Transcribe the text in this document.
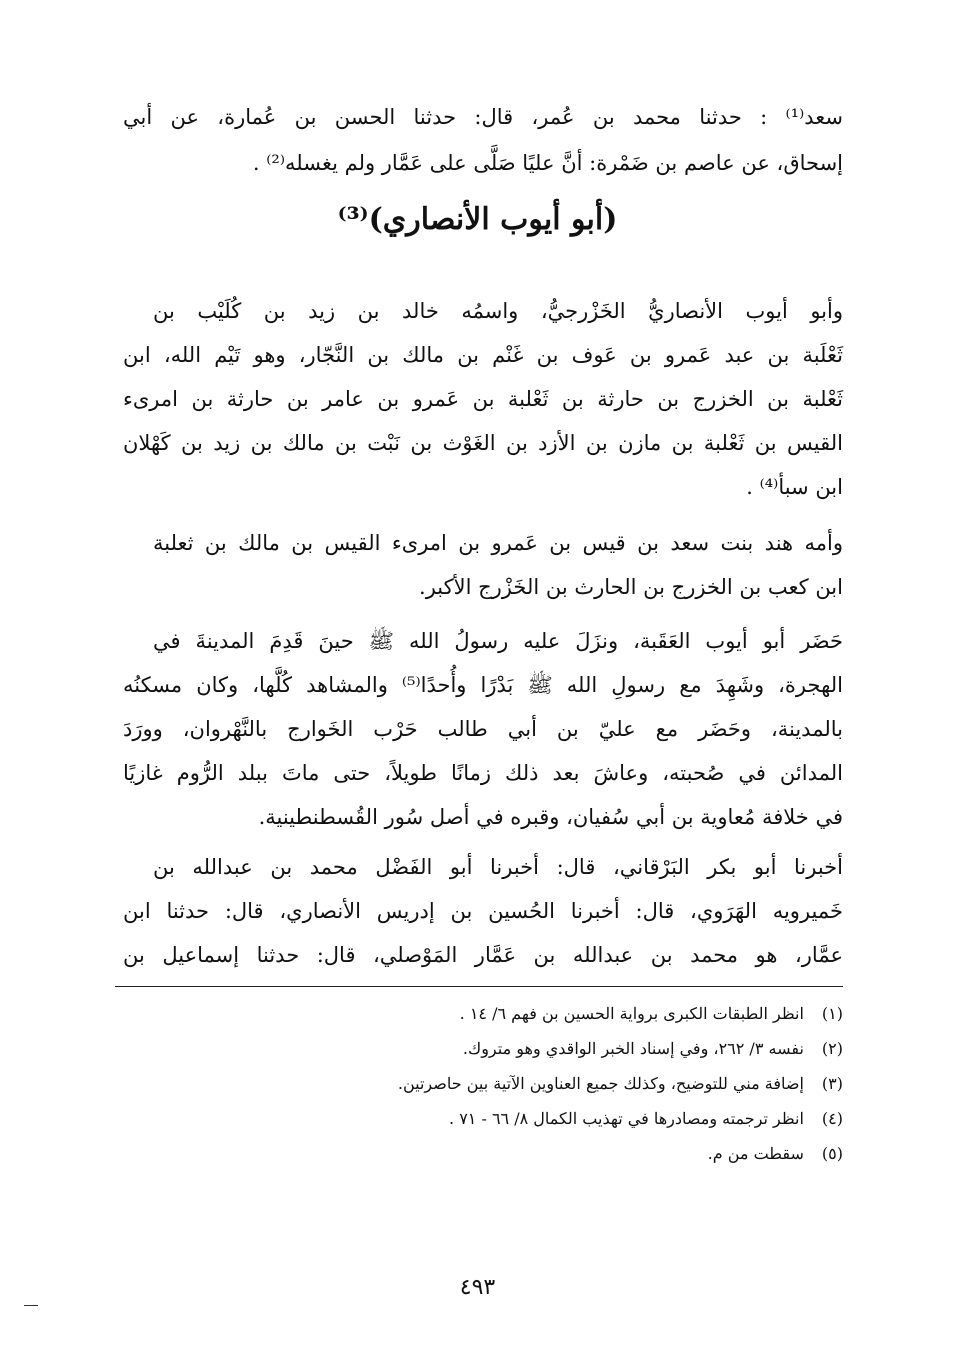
سعد⁽¹⁾ : حدثنا محمد بن عُمر، قال: حدثنا الحسن بن عُمارة، عن أبي
إسحاق، عن عاصم بن ضَمْرة: أنَّ عليًا صَلَّى على عَمَّار ولم يغسله⁽²⁾ .
(أبو أيوب الأنصاري)⁽³⁾
وأبو أيوب الأنصاريُّ الخَزْرجيُّ، واسمُه خالد بن زيد بن كُلَيْب بن
ثَعْلَبة بن عبد عَمرو بن عَوف بن غَنْم بن مالك بن النَّجّار، وهو تَيْم الله، ابن
ثَعْلبة بن الخزرج بن حارثة بن ثَعْلبة بن عَمرو بن عامر بن حارثة بن امرىء
القيس بن ثَعْلبة بن مازن بن الأزد بن الغَوْث بن نَبْت بن مالك بن زيد بن كَهْلان
ابن سبأ⁽⁴⁾ .
وأمه هند بنت سعد بن قيس بن عَمرو بن امرىء القيس بن مالك بن ثعلبة
ابن كعب بن الخزرج بن الحارث بن الخَزْرج الأكبر.
حَضَر أبو أيوب العَقَبة، ونزَلَ عليه رسولُ الله ﷺ حينَ قَدِمَ المدينةَ في
الهجرة، وشَهِدَ مع رسولِ الله ﷺ بَدْرًا وأُحدًا⁽⁵⁾ والمشاهد كُلَّها، وكان مسكنُه
بالمدينة، وحَضَر مع عليّ بن أبي طالب حَرْب الخَوارج بالنَّهْروان، وورَدَ
المدائن في صُحبته، وعاشَ بعد ذلك زمانًا طويلاً، حتى ماتَ ببلد الرُّوم غازيًا
في خلافة مُعاوية بن أبي سُفيان، وقبره في أصل سُور القُسطنطينية.
أخبرنا أبو بكر البَرْقاني، قال: أخبرنا أبو الفَضْل محمد بن عبدالله بن
خَميرويه الهَرَوي، قال: أخبرنا الحُسين بن إدريس الأنصاري، قال: حدثنا ابن
عمَّار، هو محمد بن عبدالله بن عَمَّار المَوْصلي، قال: حدثنا إسماعيل بن
(١) انظر الطبقات الكبرى برواية الحسين بن فهم ٦/ ١٤ .
(٢) نفسه ٣/ ٢٦٢، وفي إسناد الخبر الواقدي وهو متروك.
(٣) إضافة مني للتوضيح، وكذلك جميع العناوين الآتية بين حاصرتين.
(٤) انظر ترجمته ومصادرها في تهذيب الكمال ٨/ ٦٦ - ٧١ .
(٥) سقطت من م.
٤٩٣
